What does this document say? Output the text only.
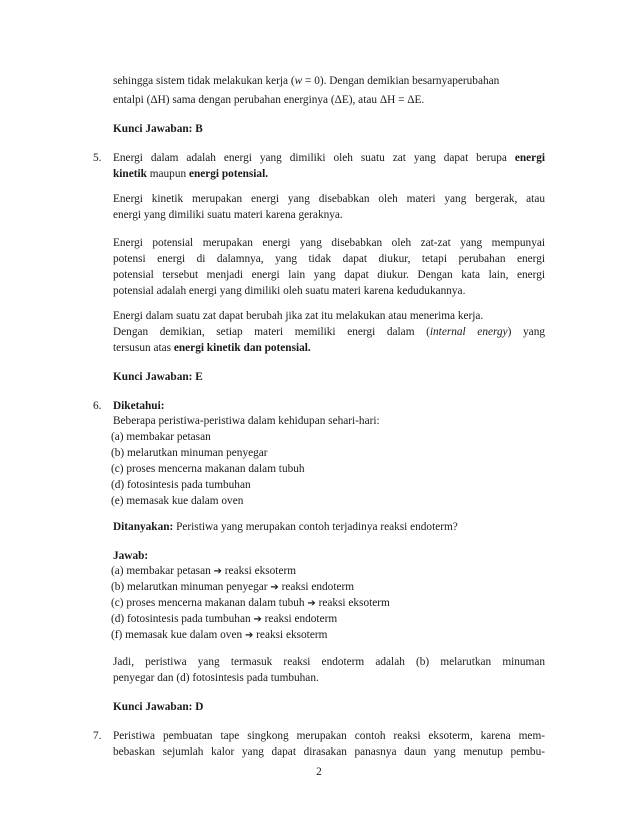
sehingga sistem tidak melakukan kerja (w = 0). Dengan demikian besarnyaperubahan
entalpi (ΔH) sama dengan perubahan energinya (ΔE), atau ΔH = ΔE.
Kunci Jawaban: B
5. Energi dalam adalah energi yang dimiliki oleh suatu zat yang dapat berupa energi
kinetik maupun energi potensial.
Energi kinetik merupakan energi yang disebabkan oleh materi yang bergerak, atau
energi yang dimiliki suatu materi karena geraknya.
Energi potensial merupakan energi yang disebabkan oleh zat-zat yang mempunyai
potensi energi di dalamnya, yang tidak dapat diukur, tetapi perubahan energi
potensial tersebut menjadi energi lain yang dapat diukur. Dengan kata lain, energi
potensial adalah energi yang dimiliki oleh suatu materi karena kedudukannya.
Energi dalam suatu zat dapat berubah jika zat itu melakukan atau menerima kerja.
Dengan demikian, setiap materi memiliki energi dalam (internal energy) yang
tersusun atas energi kinetik dan potensial.
Kunci Jawaban: E
6. Diketahui:
Beberapa peristiwa-peristiwa dalam kehidupan sehari-hari:
(a) membakar petasan
(b) melarutkan minuman penyegar
(c) proses mencerna makanan dalam tubuh
(d) fotosintesis pada tumbuhan
(e) memasak kue dalam oven
Ditanyakan: Peristiwa yang merupakan contoh terjadinya reaksi endoterm?
Jawab:
(a) membakar petasan ➔ reaksi eksoterm
(b) melarutkan minuman penyegar ➔ reaksi endoterm
(c) proses mencerna makanan dalam tubuh ➔ reaksi eksoterm
(d) fotosintesis pada tumbuhan ➔ reaksi endoterm
(f) memasak kue dalam oven ➔ reaksi eksoterm
Jadi, peristiwa yang termasuk reaksi endoterm adalah (b) melarutkan minuman
penyegar dan (d) fotosintesis pada tumbuhan.
Kunci Jawaban: D
7. Peristiwa pembuatan tape singkong merupakan contoh reaksi eksoterm, karena mem-
bebaskan sejumlah kalor yang dapat dirasakan panasnya daun yang menutup pembu-
2
